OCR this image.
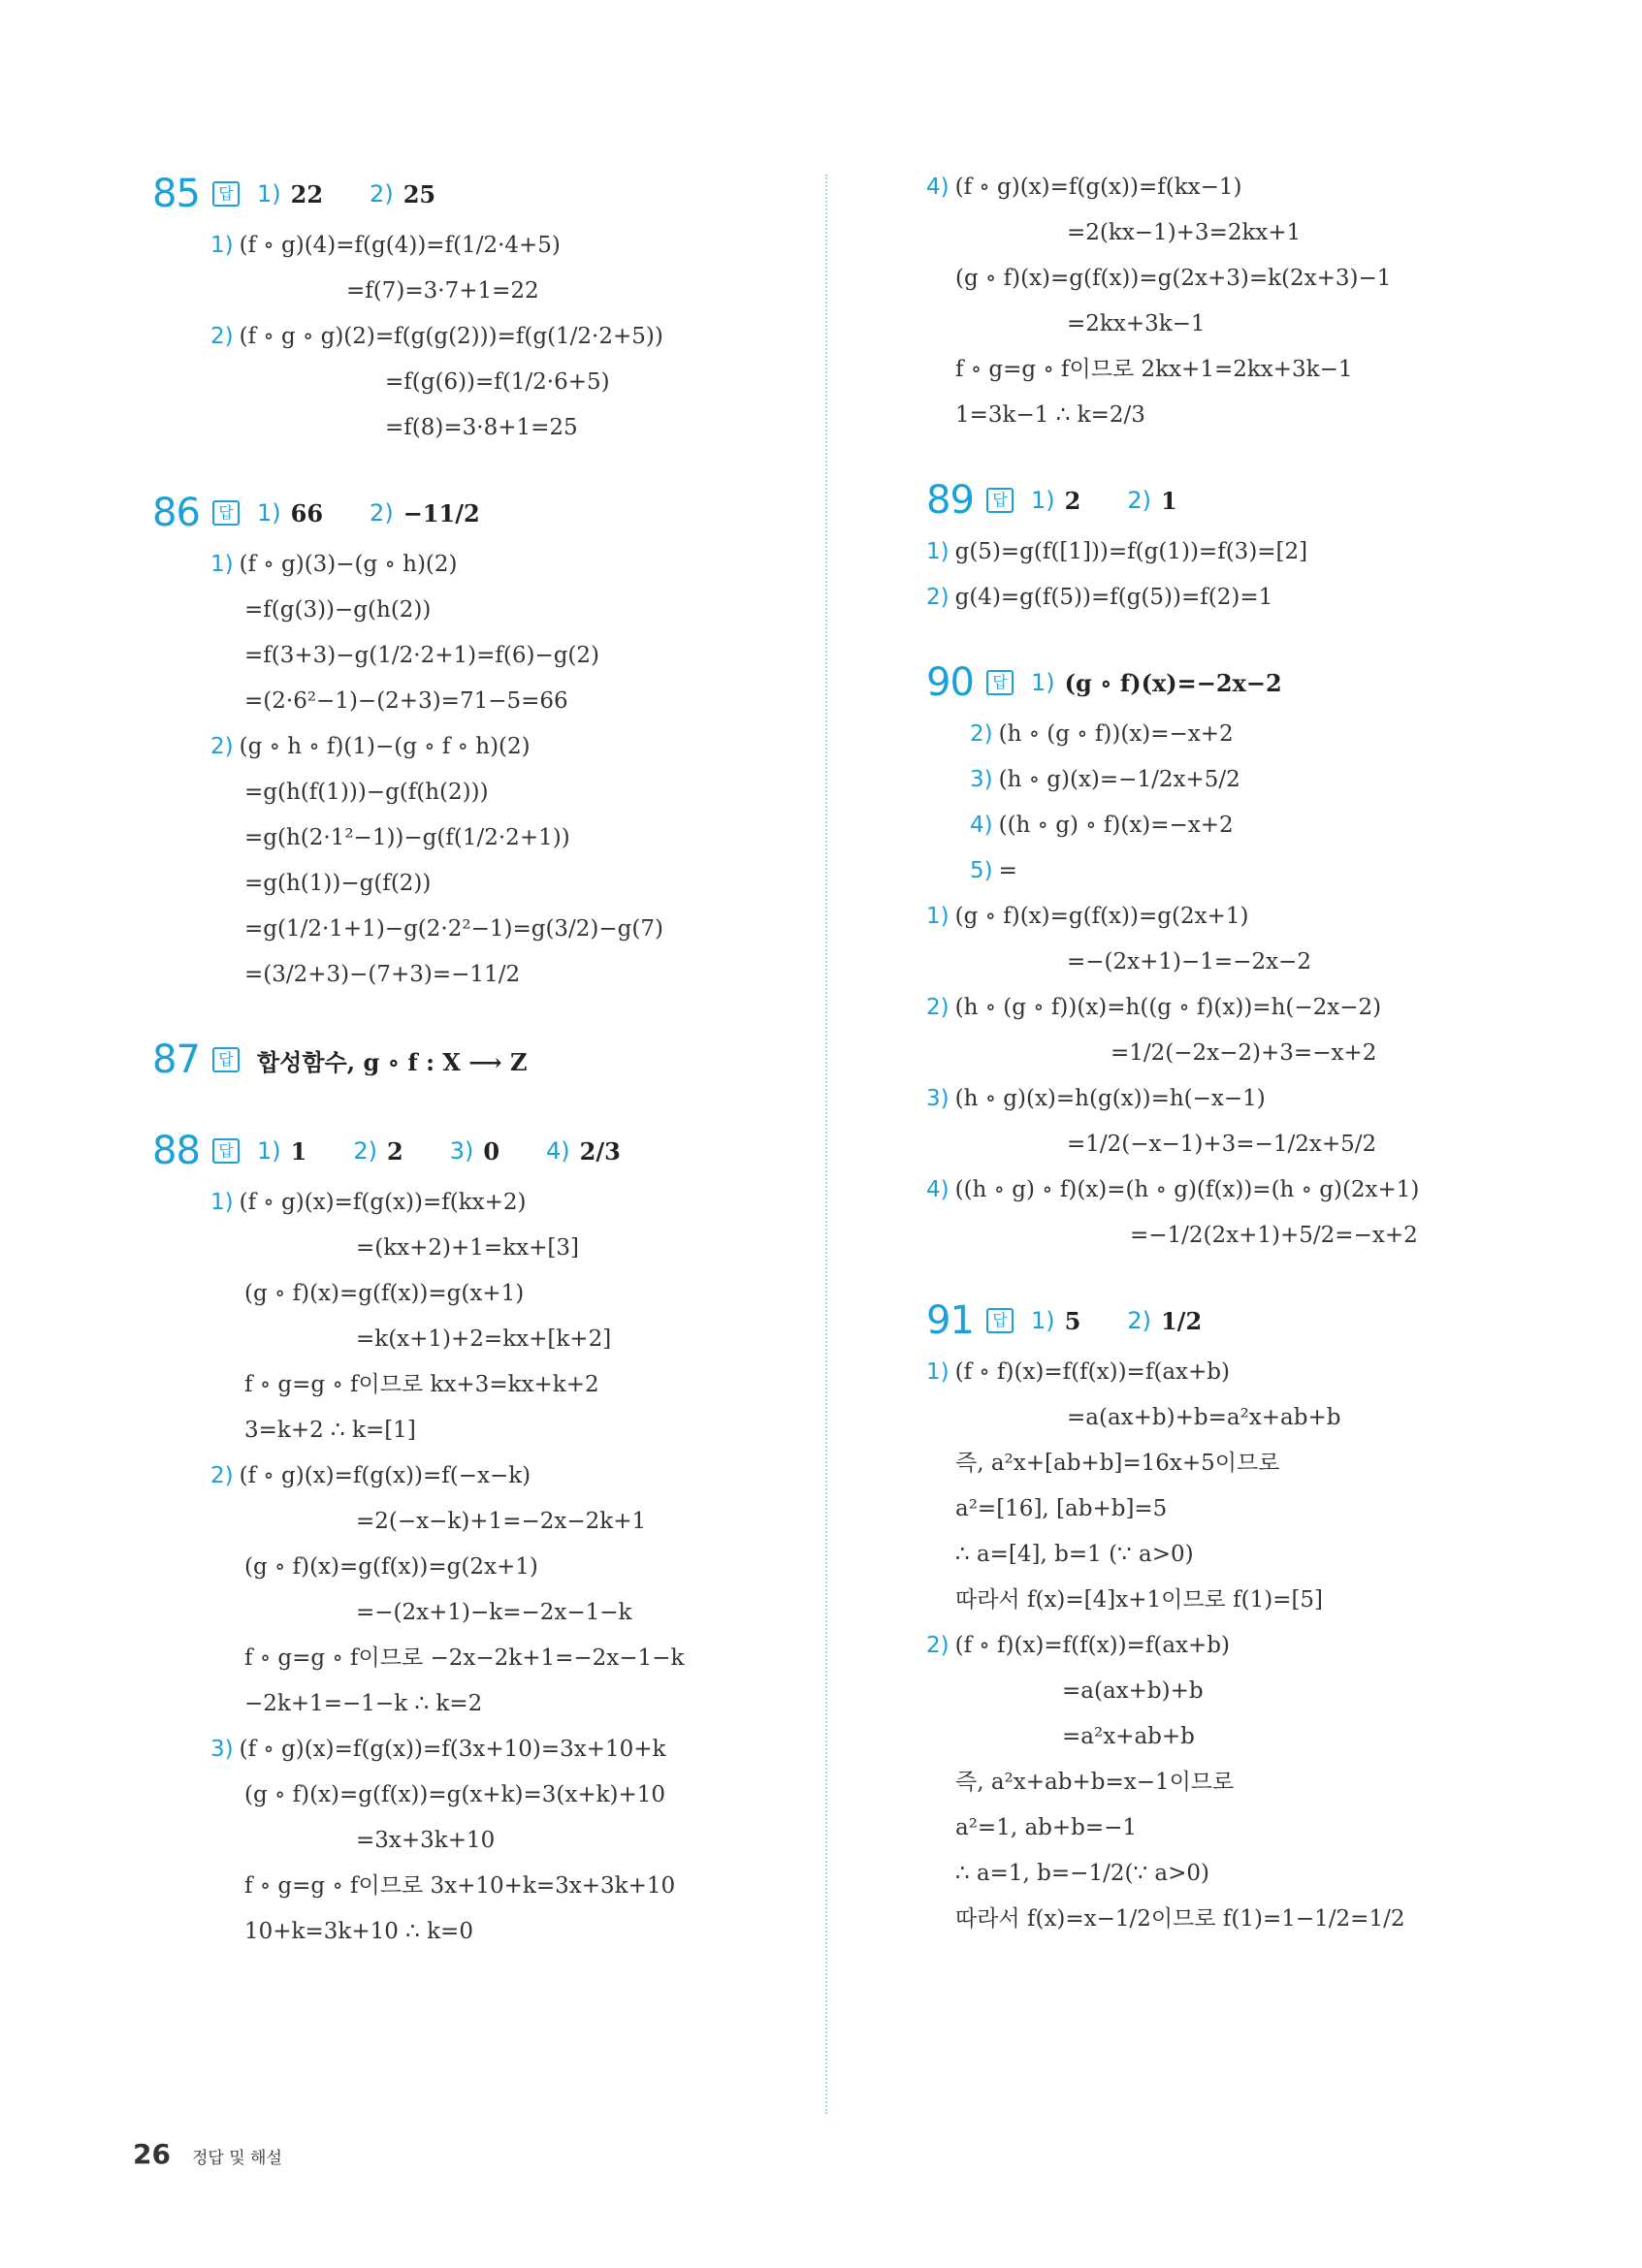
85	답 1) 22 2) 25
1) (f ∘ g)(4)=f(g(4))=f(1/2·4+5)
=f(7)=3·7+1=22
2) (f ∘ g ∘ g)(2)=f(g(g(2)))=f(g(1/2·2+5))
=f(g(6))=f(1/2·6+5)
=f(8)=3·8+1=25
86	답 1) 66 2) −11/2
1) (f ∘ g)(3)−(g ∘ h)(2)
=f(g(3))−g(h(2))
=f(3+3)−g(1/2·2+1)=f(6)−g(2)
=(2·6²−1)−(2+3)=71−5=66
2) (g ∘ h ∘ f)(1)−(g ∘ f ∘ h)(2)
=g(h(f(1)))−g(f(h(2)))
=g(h(2·1²−1))−g(f(1/2·2+1))
=g(h(1))−g(f(2))
=g(1/2·1+1)−g(2·2²−1)=g(3/2)−g(7)
=(3/2+3)−(7+3)=−11/2
87	답 합성함수, g ∘ f : X ⟶ Z
88	답 1) 1 2) 2 3) 0 4) 2/3
1) (f ∘ g)(x)=f(g(x))=f(kx+2)
=(kx+2)+1=kx+[3]
(g ∘ f)(x)=g(f(x))=g(x+1)
=k(x+1)+2=kx+[k+2]
f ∘ g=g ∘ f이므로 kx+3=kx+k+2
3=k+2 ∴ k=[1]
2) (f ∘ g)(x)=f(g(x))=f(−x−k)
=2(−x−k)+1=−2x−2k+1
(g ∘ f)(x)=g(f(x))=g(2x+1)
=−(2x+1)−k=−2x−1−k
f ∘ g=g ∘ f이므로 −2x−2k+1=−2x−1−k
−2k+1=−1−k ∴ k=2
3) (f ∘ g)(x)=f(g(x))=f(3x+10)=3x+10+k
(g ∘ f)(x)=g(f(x))=g(x+k)=3(x+k)+10
=3x+3k+10
f ∘ g=g ∘ f이므로 3x+10+k=3x+3k+10
10+k=3k+10 ∴ k=0
4) (f ∘ g)(x)=f(g(x))=f(kx−1)
=2(kx−1)+3=2kx+1
(g ∘ f)(x)=g(f(x))=g(2x+3)=k(2x+3)−1
=2kx+3k−1
f ∘ g=g ∘ f이므로 2kx+1=2kx+3k−1
1=3k−1 ∴ k=2/3
89	답 1) 2 2) 1
1) g(5)=g(f([1]))=f(g(1))=f(3)=[2]
2) g(4)=g(f(5))=f(g(5))=f(2)=1
90	답 1) (g ∘ f)(x)=−2x−2
2) (h ∘ (g ∘ f))(x)=−x+2
3) (h ∘ g)(x)=−1/2x+5/2
4) ((h ∘ g) ∘ f)(x)=−x+2
5) =
1) (g ∘ f)(x)=g(f(x))=g(2x+1)
=−(2x+1)−1=−2x−2
2) (h ∘ (g ∘ f))(x)=h((g ∘ f)(x))=h(−2x−2)
=1/2(−2x−2)+3=−x+2
3) (h ∘ g)(x)=h(g(x))=h(−x−1)
=1/2(−x−1)+3=−1/2x+5/2
4) ((h ∘ g) ∘ f)(x)=(h ∘ g)(f(x))=(h ∘ g)(2x+1)
=−1/2(2x+1)+5/2=−x+2
91	답 1) 5 2) 1/2
1) (f ∘ f)(x)=f(f(x))=f(ax+b)
=a(ax+b)+b=a²x+ab+b
즉, a²x+[ab+b]=16x+5이므로
a²=[16], [ab+b]=5
∴ a=[4], b=1 (∵ a>0)
따라서 f(x)=[4]x+1이므로 f(1)=[5]
2) (f ∘ f)(x)=f(f(x))=f(ax+b)
=a(ax+b)+b
=a²x+ab+b
즉, a²x+ab+b=x−1이므로
a²=1, ab+b=−1
∴ a=1, b=−1/2(∵ a>0)
따라서 f(x)=x−1/2이므로 f(1)=1−1/2=1/2
26 정답 및 해설
